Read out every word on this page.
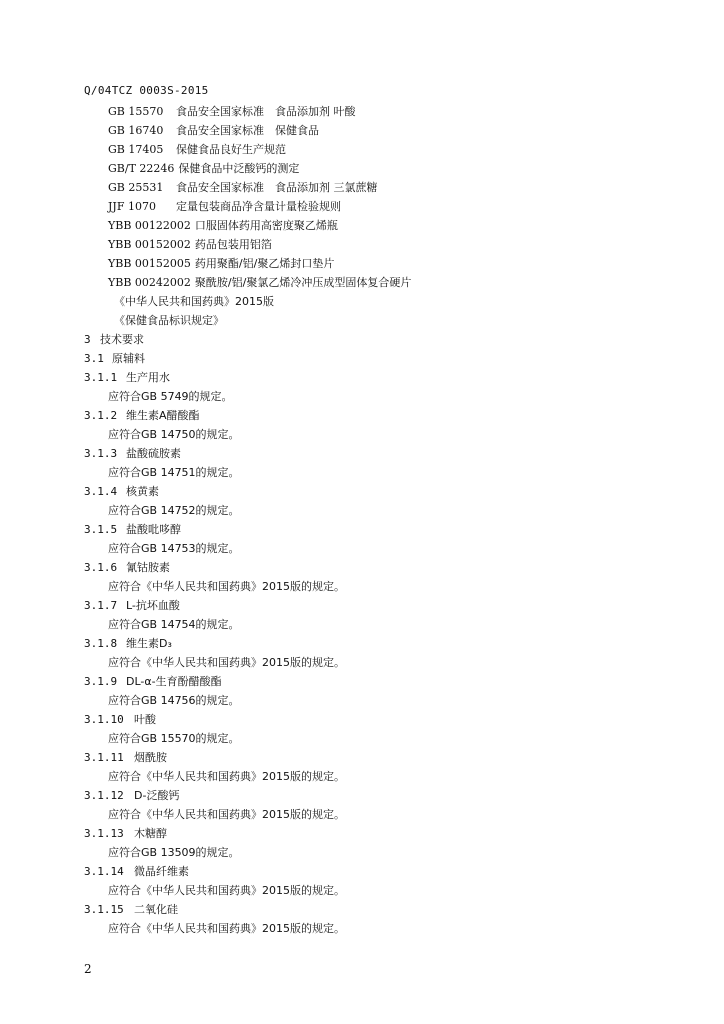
Q/04TCZ 0003S-2015
GB 15570 食品安全国家标准　食品添加剂 叶酸
GB 16740 食品安全国家标准　保健食品
GB 17405 保健食品良好生产规范
GB/T 22246 保健食品中泛酸钙的测定
GB 25531 食品安全国家标准　食品添加剂 三氯蔗糖
JJF 1070 定量包装商品净含量计量检验规则
YBB 00122002 口服固体药用高密度聚乙烯瓶
YBB 00152002 药品包装用铝箔
YBB 00152005 药用聚酯/铝/聚乙烯封口垫片
YBB 00242002 聚酰胺/铝/聚氯乙烯冷冲压成型固体复合硬片
《中华人民共和国药典》2015版
《保健食品标识规定》
3 技术要求
3.1 原辅料
3.1.1 生产用水
应符合GB 5749的规定。
3.1.2 维生素A醋酸酯
应符合GB 14750的规定。
3.1.3 盐酸硫胺素
应符合GB 14751的规定。
3.1.4 核黄素
应符合GB 14752的规定。
3.1.5 盐酸吡哆醇
应符合GB 14753的规定。
3.1.6 氰钴胺素
应符合《中华人民共和国药典》2015版的规定。
3.1.7 L-抗坏血酸
应符合GB 14754的规定。
3.1.8 维生素D₃
应符合《中华人民共和国药典》2015版的规定。
3.1.9 DL-α-生育酚醋酸酯
应符合GB 14756的规定。
3.1.10 叶酸
应符合GB 15570的规定。
3.1.11 烟酰胺
应符合《中华人民共和国药典》2015版的规定。
3.1.12 D-泛酸钙
应符合《中华人民共和国药典》2015版的规定。
3.1.13 木糖醇
应符合GB 13509的规定。
3.1.14 微晶纤维素
应符合《中华人民共和国药典》2015版的规定。
3.1.15 二氧化硅
应符合《中华人民共和国药典》2015版的规定。
2
